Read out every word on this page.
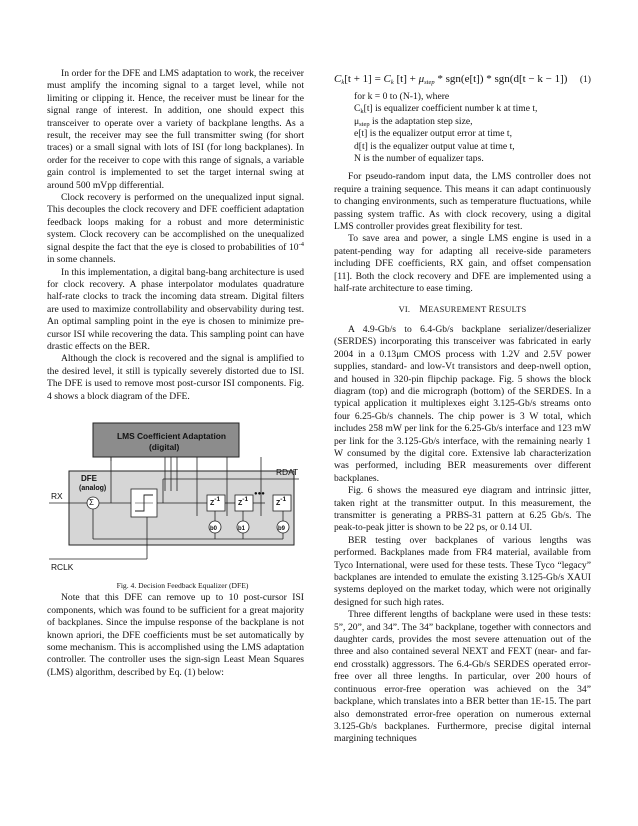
In order for the DFE and LMS adaptation to work, the receiver must amplify the incoming signal to a target level, while not limiting or clipping it. Hence, the receiver must be linear for the signal range of interest. In addition, one should expect this transceiver to operate over a variety of backplane lengths. As a result, the receiver may see the full transmitter swing (for short traces) or a small signal with lots of ISI (for long backplanes). In order for the receiver to cope with this range of signals, a variable gain control is implemented to set the target internal swing at around 500 mVpp differential.

Clock recovery is performed on the unequalized input signal. This decouples the clock recovery and DFE coefficient adaptation feedback loops making for a robust and more deterministic system. Clock recovery can be accomplished on the unequalized signal despite the fact that the eye is closed to probabilities of $10^{-4}$ in some channels.

In this implementation, a digital bang-bang architecture is used for clock recovery. A phase interpolator modulates quadrature half-rate clocks to track the incoming data stream. Digital filters are used to maximize controllability and observability during test. An optimal sampling point in the eye is chosen to minimize pre-cursor ISI while recovering the data. This sampling point can have drastic effects on the BER.

Although the clock is recovered and the signal is amplified to the desired level, it still is typically severely distorted due to ISI. The DFE is used to remove most post-cursor ISI components. Fig. 4 shows a block diagram of the DFE.

LMS Coefficient Adaptation
(digital)
DFE
(analog)
RX
RDAT
RCLK
Σ	$Z^{-1}$
$Z^{-1}$
$Z^{-1}$
●●●
b0	b1	b9

Fig. 4. Decision Feedback Equalizer (DFE)

Note that this DFE can remove up to 10 post-cursor ISI components, which was found to be sufficient for a great majority of backplanes. Since the impulse response of the backplane is not known apriori, the DFE coefficients must be set automatically by some mechanism. This is accomplished using the LMS adaptation controller. The controller uses the sign-sign Least Mean Squares (LMS) algorithm, described by Eq. (1) below:

$C_k[t + 1] = C_k$ $[t] + \mu_{step} * sgn(e[t]) * sgn(d[t - k - 1])$ (1)
for k = 0 to (N-1), where
$C_k[t]$ is equalizer coefficient number k at time t,
$\mu_{step}$ is the adaptation step size,
e[t] is the equalizer output error at time t,
d[t] is the equalizer output value at time t,
N is the number of equalizer taps.

For pseudo-random input data, the LMS controller does not require a training sequence. This means it can adapt continuously to changing environments, such as temperature fluctuations, while passing system traffic. As with clock recovery, using a digital LMS controller provides great flexibility for test.

To save area and power, a single LMS engine is used in a patent-pending way for adapting all receive-side parameters including DFE coefficients, RX gain, and offset compensation [11]. Both the clock recovery and DFE are implemented using a half-rate architecture to ease timing.

VI. MEASUREMENT RESULTS

A 4.9-Gb/s to 6.4-Gb/s backplane serializer/deserializer (SERDES) incorporating this transceiver was fabricated in early 2004 in a 0.13μm CMOS process with 1.2V and 2.5V power supplies, standard- and low-Vt transistors and deep-nwell option, and housed in 320-pin flipchip package. Fig. 5 shows the block diagram (top) and die micrograph (bottom) of the SERDES. In a typical application it multiplexes eight 3.125-Gb/s streams onto four 6.25-Gb/s channels. The chip power is 3 W total, which includes 258 mW per link for the 6.25-Gb/s interface and 123 mW per link for the 3.125-Gb/s interface, with the remaining nearly 1 W consumed by the digital core. Extensive lab characterization was performed, including BER measurements over different backplanes.

Fig. 6 shows the measured eye diagram and intrinsic jitter, taken right at the transmitter output. In this measurement, the transmitter is generating a PRBS-31 pattern at 6.25 Gb/s. The peak-to-peak jitter is shown to be 22 ps, or 0.14 UI.

BER testing over backplanes of various lengths was performed. Backplanes made from FR4 material, available from Tyco International, were used for these tests. These Tyco “legacy” backplanes are intended to emulate the existing 3.125-Gb/s XAUI systems deployed on the market today, which were not originally designed for such high rates.

Three different lengths of backplane were used in these tests: 5”, 20”, and 34”. The 34” backplane, together with connectors and daughter cards, provides the most severe attenuation out of the three and also contained several NEXT and FEXT (near- and far-end crosstalk) aggressors. The 6.4-Gb/s SERDES operated error-free over all three lengths. In particular, over 200 hours of continuous error-free operation was achieved on the 34” backplane, which translates into a BER better than 1E-15. The part also demonstrated error-free operation on numerous external 3.125-Gb/s backplanes. Furthermore, precise digital internal margining techniques
